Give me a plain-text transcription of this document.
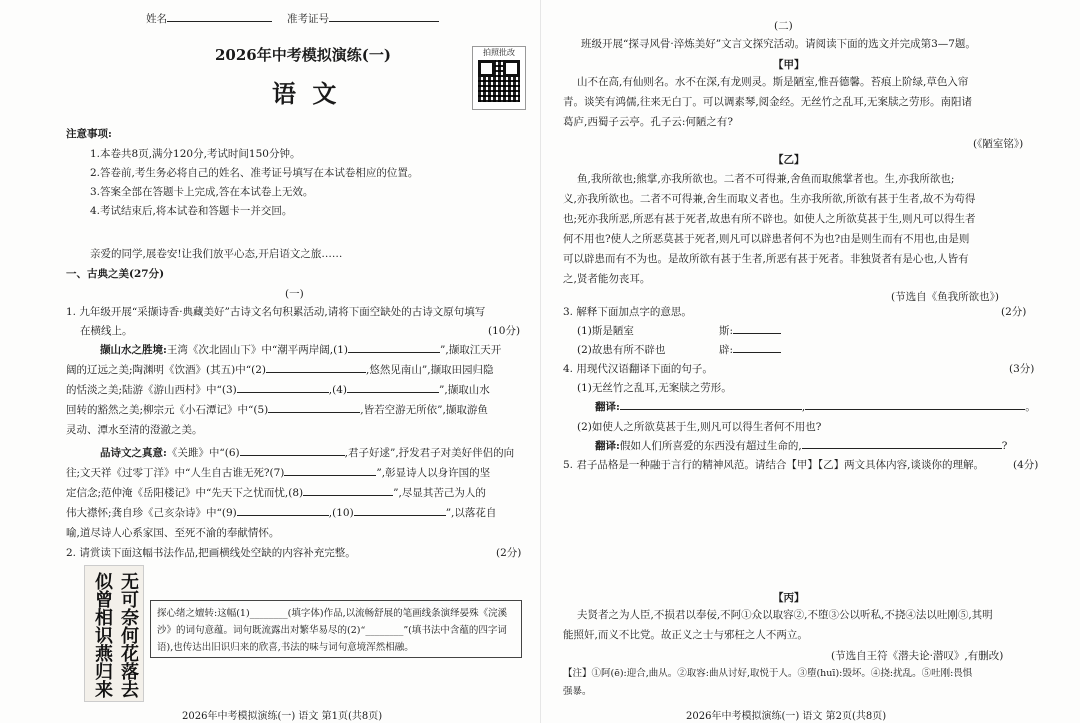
姓名	准考证号
2026年中考模拟演练(一)
语 文
拍照批改
注意事项:
1.本卷共8页,满分120分,考试时间150分钟。
2.答卷前,考生务必将自己的姓名、准考证号填写在本试卷相应的位置。
3.答案全部在答题卡上完成,答在本试卷上无效。
4.考试结束后,将本试卷和答题卡一并交回。
亲爱的同学,展卷安!让我们放平心态,开启语文之旅……
一、古典之美(27分)
(一)
1. 九年级开展“采撷诗香·典藏美好”古诗文名句积累活动,请将下面空缺处的古诗文原句填写
在横线上。	(10分)
撷山水之胜境:王湾《次北固山下》中“潮平两岸阔,(1)	”,撷取江天开
阔的辽远之美;陶渊明《饮酒》(其五)中“(2)	,悠然见南山”,撷取田园归隐
的恬淡之美;陆游《游山西村》中“(3)	,(4)	”,撷取山水
回转的豁然之美;柳宗元《小石潭记》中“(5)	,皆若空游无所依”,撷取游鱼
灵动、潭水至清的澄澈之美。
品诗文之真意:《关雎》中“(6)	,君子好逑”,抒发君子对美好伴侣的向
往;文天祥《过零丁洋》中“人生自古谁无死?(7)	”,彰显诗人以身许国的坚
定信念;范仲淹《岳阳楼记》中“先天下之忧而忧,(8)	”,尽显其苦己为人的
伟大襟怀;龚自珍《己亥杂诗》中“(9)	,(10)	”,以落花自
喻,道尽诗人心系家国、至死不渝的奉献情怀。
2. 请赏读下面这幅书法作品,把画横线处空缺的内容补充完整。	(2分)
无可奈何花落去
似曾相识燕归来	探心绪之嬗转:这幅(1)________(填字体)作品,以流畅舒展的笔画线条演绎晏殊《浣溪沙》的词句意蕴。词句既流露出对繁华易尽的(2)“________”(填书法中含蕴的四字词语),也传达出旧识归来的欣喜,书法的味与词句意境浑然相融。
2026年中考模拟演练(一) 语文 第1页(共8页)
(二)
班级开展“探寻风骨·淬炼美好”文言文探究活动。请阅读下面的选文并完成第3—7题。
【甲】
山不在高,有仙则名。水不在深,有龙则灵。斯是陋室,惟吾德馨。苔痕上阶绿,草色入帘
青。谈笑有鸿儒,往来无白丁。可以调素琴,阅金经。无丝竹之乱耳,无案牍之劳形。南阳诸
葛庐,西蜀子云亭。孔子云:何陋之有?
(《陋室铭》)
【乙】
鱼,我所欲也;熊掌,亦我所欲也。二者不可得兼,舍鱼而取熊掌者也。生,亦我所欲也;
义,亦我所欲也。二者不可得兼,舍生而取义者也。生亦我所欲,所欲有甚于生者,故不为苟得
也;死亦我所恶,所恶有甚于死者,故患有所不辟也。如使人之所欲莫甚于生,则凡可以得生者
何不用也?使人之所恶莫甚于死者,则凡可以辟患者何不为也?由是则生而有不用也,由是则
可以辟患而有不为也。是故所欲有甚于生者,所恶有甚于死者。非独贤者有是心也,人皆有
之,贤者能勿丧耳。
(节选自《鱼我所欲也》)
3. 解释下面加点字的意思。	(2分)
(1)斯是陋室	斯:
(2)故患有所不辟也	辟:
4. 用现代汉语翻译下面的句子。	(3分)
(1)无丝竹之乱耳,无案牍之劳形。
翻译:	,	。
(2)如使人之所欲莫甚于生,则凡可以得生者何不用也?
翻译:假如人们所喜爱的东西没有超过生命的,	?
5. 君子品格是一种融于言行的精神风范。请结合【甲】【乙】两文具体内容,谈谈你的理解。	(4分)
【丙】
夫贤者之为人臣,不损君以奉佞,不阿①众以取容②,不堕③公以听私,不挠④法以吐刚⑤,其明
能照奸,而义不比党。故正义之士与邪枉之人不两立。
(节选自王符《潜夫论·潜叹》,有删改)
【注】①阿(ē):迎合,曲从。②取容:曲从讨好,取悦于人。③堕(huī):毁坏。④挠:扰乱。⑤吐刚:畏惧
强暴。
2026年中考模拟演练(一) 语文 第2页(共8页)
